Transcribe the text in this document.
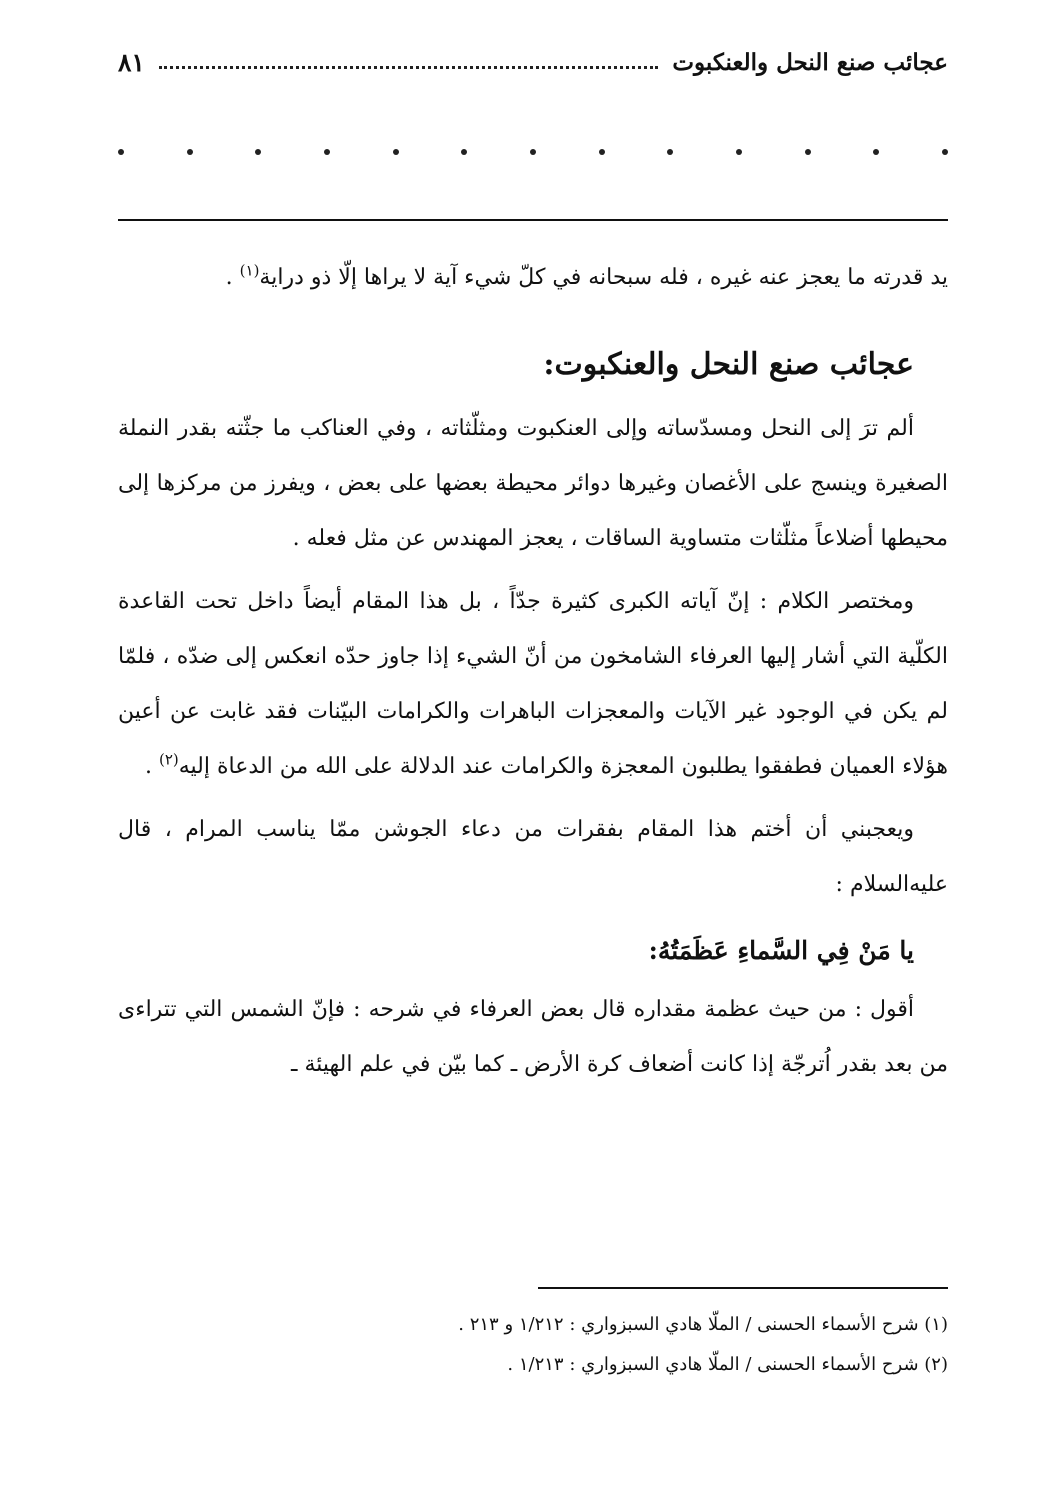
عجائب صنع النحل والعنكبوت
٨١

يد قدرته ما يعجز عنه غيره ، فله سبحانه في كلّ شيء آية لا يراها إلّا ذو دراية$^{(١)}$ .

عجائب صنع النحل والعنكبوت:

ألم ترَ إلى النحل ومسدّساته وإلى العنكبوت ومثلّثاته ، وفي العناكب ما جثّته بقدر النملة الصغيرة وينسج على الأغصان وغيرها دوائر محيطة بعضها على بعض ، ويفرز من مركزها إلى محيطها أضلاعاً مثلّثات متساوية الساقات ، يعجز المهندس عن مثل فعله .

ومختصر الكلام : إنّ آياته الكبرى كثيرة جدّاً ، بل هذا المقام أيضاً داخل تحت القاعدة الكلّية التي أشار إليها العرفاء الشامخون من أنّ الشيء إذا جاوز حدّه انعكس إلى ضدّه ، فلمّا لم يكن في الوجود غير الآيات والمعجزات الباهرات والكرامات البيّنات فقد غابت عن أعين هؤلاء العميان فطفقوا يطلبون المعجزة والكرامات عند الدلالة على الله من الدعاة إليه$^{(٢)}$ .

ويعجبني أن أختم هذا المقام بفقرات من دعاء الجوشن ممّا يناسب المرام ، قال عليه‌السلام :

يا مَنْ فِي السَّماءِ عَظَمَتُهُ:

أقول : من حيث عظمة مقداره قال بعض العرفاء في شرحه : فإنّ الشمس التي تتراءى من بعد بقدر اُترجّة إذا كانت أضعاف كرة الأرض ـ كما بيّن في علم الهيئة ـ

(١) شرح الأسماء الحسنى / الملّا هادي السبزواري : ١/٢١٢ و ٢١٣ .

(٢) شرح الأسماء الحسنى / الملّا هادي السبزواري : ١/٢١٣ .
